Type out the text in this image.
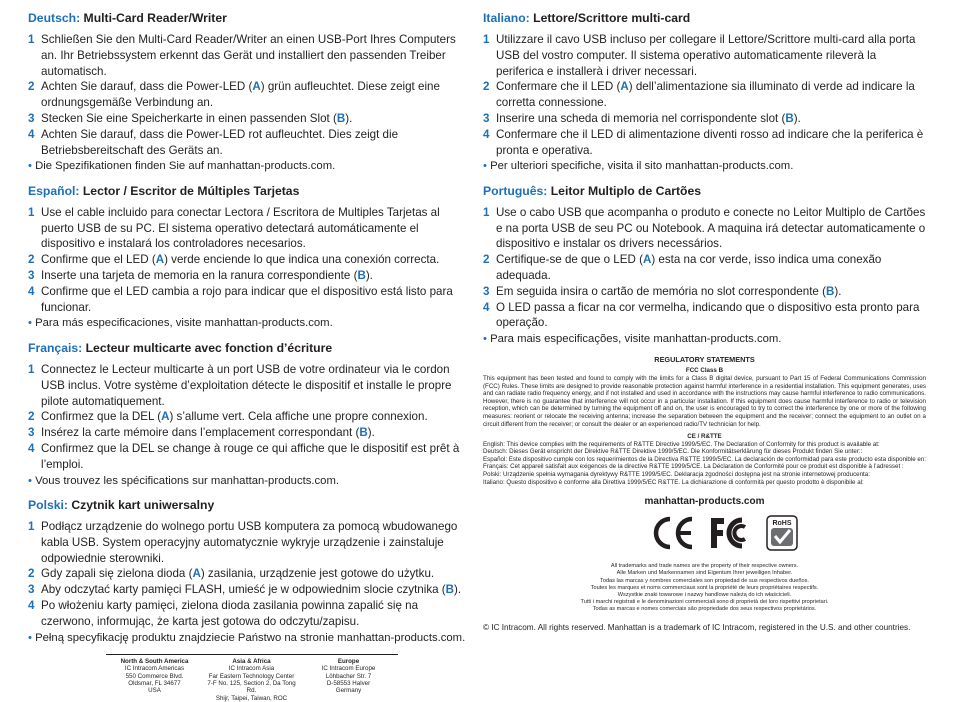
Deutsch: Multi-Card Reader/Writer
1 Schließen Sie den Multi-Card Reader/Writer an einen USB-Port Ihres Computers an. Ihr Betriebssystem erkennt das Gerät und installiert den passenden Treiber automatisch.
2 Achten Sie darauf, dass die Power-LED (A) grün aufleuchtet. Diese zeigt eine ordnungsgemäße Verbindung an.
3 Stecken Sie eine Speicherkarte in einen passenden Slot (B).
4 Achten Sie darauf, dass die Power-LED rot aufleuchtet. Dies zeigt die Betriebsbereitschaft des Geräts an.
• Die Spezifikationen finden Sie auf manhattan-products.com.
Español: Lector / Escritor de Múltiples Tarjetas
1 Use el cable incluido para conectar Lectora / Escritora de Multiples Tarjetas al puerto USB de su PC. El sistema operativo detectará automáticamente el dispositivo e instalará los controladores necesarios.
2 Confirme que el LED (A) verde enciende lo que indica una conexión correcta.
3 Inserte una tarjeta de memoria en la ranura correspondiente (B).
4 Confirme que el LED cambia a rojo para indicar que el dispositivo está listo para funcionar.
• Para más especificaciones, visite manhattan-products.com.
Français: Lecteur multicarte avec fonction d’écriture
1 Connectez le Lecteur multicarte à un port USB de votre ordinateur via le cordon USB inclus. Votre système d’exploitation détecte le dispositif et installe le propre pilote automatiquement.
2 Confirmez que la DEL (A) s’allume vert. Cela affiche une propre connexion.
3 Insérez la carte mémoire dans l’emplacement correspondant (B).
4 Confirmez que la DEL se change à rouge ce qui affiche que le dispositif est prêt à l’emploi.
• Vous trouvez les spécifications sur manhattan-products.com.
Polski: Czytnik kart uniwersalny
1 Podłącz urządzenie do wolnego portu USB komputera za pomocą wbudowanego kabla USB. System operacyjny automatycznie wykryje urządzenie i zainstaluje odpowiednie sterowniki.
2 Gdy zapali się zielona dioda (A) zasilania, urządzenie jest gotowe do użytku.
3 Aby odczytać karty pamięci FLASH, umieść je w odpowiednim slocie czytnika (B).
4 Po włożeniu karty pamięci, zielona dioda zasilania powinna zapalić się na czerwono, informując, że karta jest gotowa do odczytu/zapisu.
• Pełną specyfikację produktu znajdziecie Państwo na stronie manhattan-products.com.
North & South America
IC Intracom Americas
550 Commerce Blvd.
Oldsmar, FL 34677
USA
Asia & Africa
IC Intracom Asia
Far Eastern Technology Center
7-F No. 125, Section 2, Da Tong Rd.
Shijr, Taipei, Taiwan, ROC
Europe
IC Intracom Europe
Löhbacher Str. 7
D-58553 Halver
Germany
Italiano: Lettore/Scrittore multi-card
1 Utilizzare il cavo USB incluso per collegare il Lettore/Scrittore multi-card alla porta USB del vostro computer. Il sistema operativo automaticamente rileverà la periferica e installerà i driver necessari.
2 Confermare che il LED (A) dell’alimentazione sia illuminato di verde ad indicare la corretta connessione.
3 Inserire una scheda di memoria nel corrispondente slot (B).
4 Confermare che il LED di alimentazione diventi rosso ad indicare che la periferica è pronta e operativa.
• Per ulteriori specifiche, visita il sito manhattan-products.com.
Português: Leitor Multiplo de Cartões
1 Use o cabo USB que acompanha o produto e conecte no Leitor Multiplo de Cartões e na porta USB de seu PC ou Notebook. A maquina irá detectar automaticamente o dispositivo e instalar os drivers necessários.
2 Certifique-se de que o LED (A) esta na cor verde, isso indica uma conexão adequada.
3 Em seguida insira o cartão de memória no slot correspondente (B).
4 O LED passa a ficar na cor vermelha, indicando que o dispositivo esta pronto para operação.
• Para mais especificações, visite manhattan-products.com.
REGULATORY STATEMENTS
FCC Class B

This equipment has been tested and found to comply with the limits for a Class B digital device, pursuant to Part 15 of Federal Communications Commission (FCC) Rules. These limits are designed to provide reasonable protection against harmful interference in a residential installation. This equipment generates, uses and can radiate radio frequency energy, and if not installed and used in accordance with the instructions may cause harmful interference to radio communications. However, there is no guarantee that interference will not occur in a particular installation. If this equipment does cause harmful interference to radio or television reception, which can be determined by turning the equipment off and on, the user is encouraged to try to correct the interference by one or more of the following measures: reorient or relocate the receiving antenna; increase the separation between the equipment and the receiver; connect the equipment to an outlet on a circuit different from the receiver; or consult the dealer or an experienced radio/TV technician for help.

CE / R&TTE

English: This device complies with the requirements of R&TTE Directive 1999/5/EC. The Declaration of Conformity for this product is available at:

Deutsch: Dieses Gerät enspricht der Direktive R&TTE Direktive 1999/5/EC. Die Konformitätserklärung für dieses Produkt finden Sie unter::

Español: Este dispositivo cumple con los requerimientos de la Directiva R&TTE 1999/5/EC. La declaración de conformidad para este producto esta disponible en:

Français: Cet appareil satisfait aux exigences de la directive R&TTE 1999/5/CE. La Déclaration de Conformité pour ce produit est disponible à l’adresset :

Polski: Urządzenie spełnia wymagania dyrektywy R&TTE 1999/5/EC. Deklaracja zgodności dostępna jest na stronie internetowej producenta:

Italiano: Questo dispositivo è conforme alla Direttiva 1999/5/EC R&TTE. La dichiarazione di conformità per questo prodotto è disponibile al:

manhattan-products.com
RoHS
All trademarks and trade names are the property of their respective owners.
Alle Marken und Markennamen sind Eigentum Ihrer jeweiligen Inhaber.
Todas las marcas y nombres comerciales son propiedad de sus respectivos dueños.
Toutes les marques et noms commerciaux sont la propriété de leurs propriétaires respectifs.
Wszystkie znaki towarowe i nazwy handlowe należą do ich właścicieli.
Tutti i marchi registrati e le denominazioni commerciali sono di proprietà dei loro rispettivi proprietari.
Todas as marcas e nomes comerciais são propriedade dos seus respectivos proprietários.
© IC Intracom. All rights reserved. Manhattan is a trademark of IC Intracom, registered in the U.S. and other countries.
